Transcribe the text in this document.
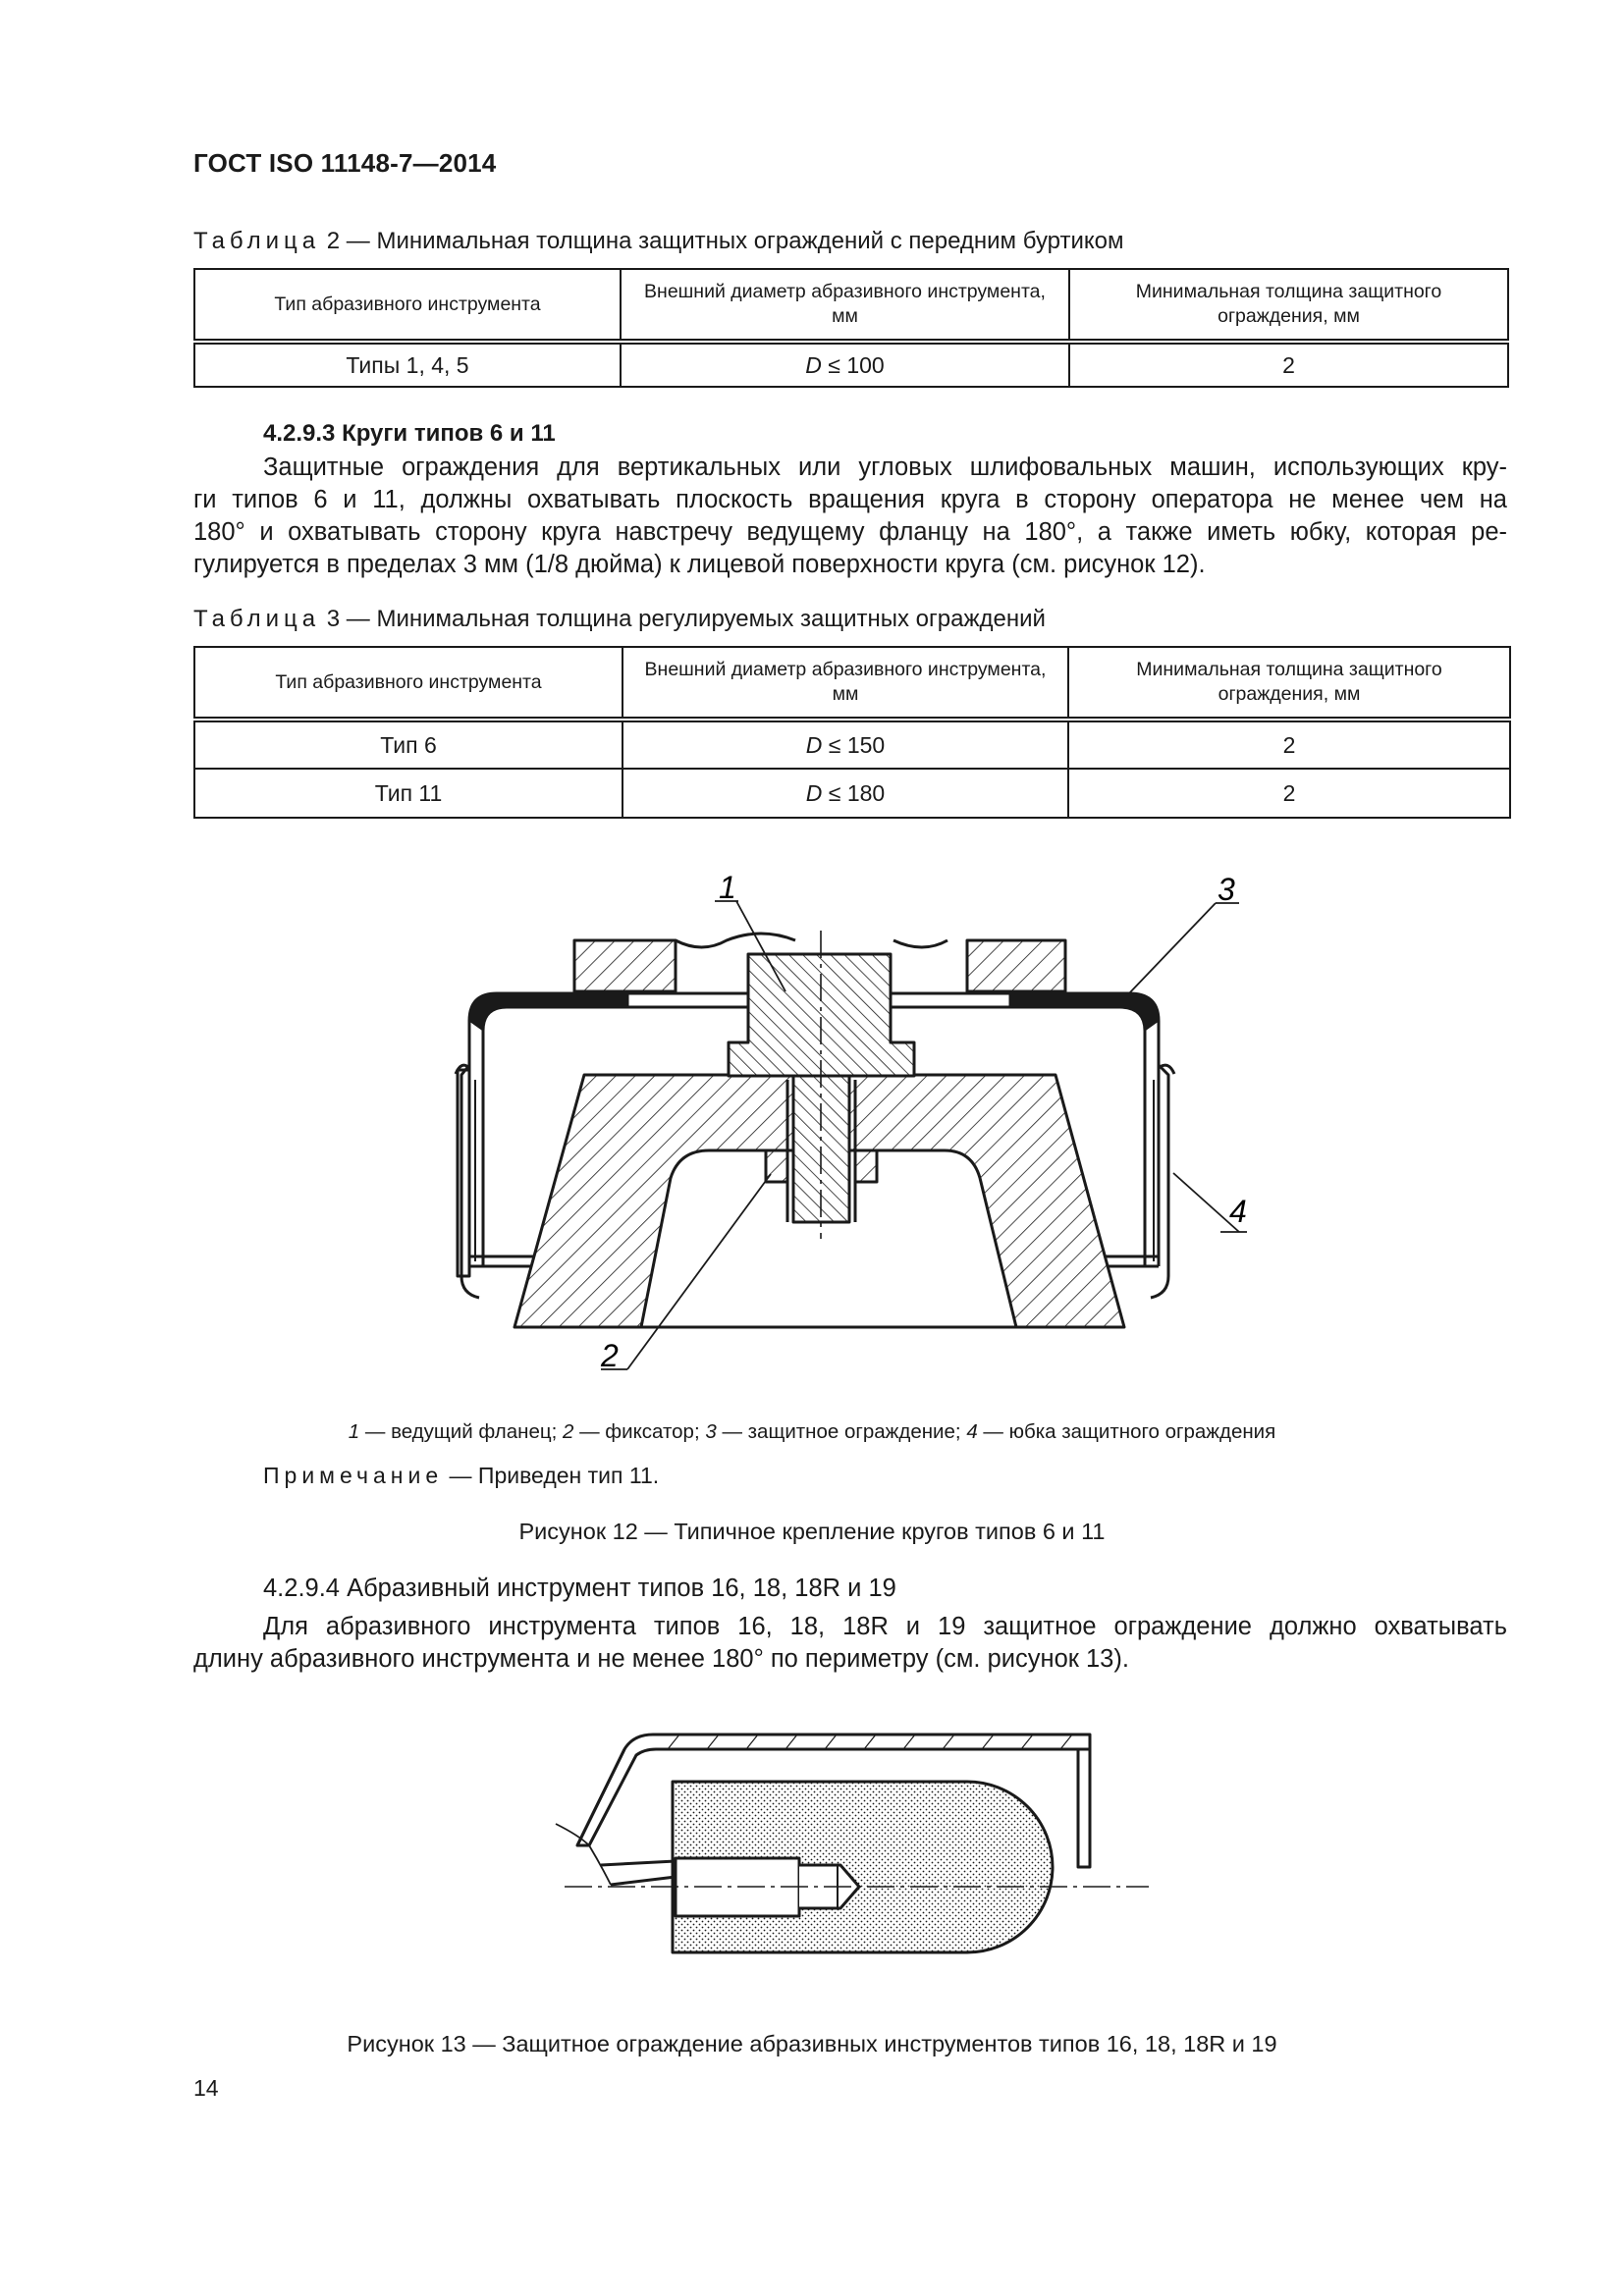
ГОСТ ISO 11148-7—2014
Таблица 2 — Минимальная толщина защитных ограждений с передним буртиком
Тип абразивного инструмента	Внешний диаметр абразивного инструмента, мм	Минимальная толщина защитного ограждения, мм
Типы 1, 4, 5	D ≤ 100	2
4.2.9.3 Круги типов 6 и 11
Защитные ограждения для вертикальных или угловых шлифовальных машин, использующих кру-
ги типов 6 и 11, должны охватывать плоскость вращения круга в сторону оператора не менее чем на
180° и охватывать сторону круга навстречу ведущему фланцу на 180°, а также иметь юбку, которая ре-
гулируется в пределах 3 мм (1/8 дюйма) к лицевой поверхности круга (см. рисунок 12).
Таблица 3 — Минимальная толщина регулируемых защитных ограждений
Тип абразивного инструмента	Внешний диаметр абразивного инструмента, мм	Минимальная толщина защитного ограждения, мм
Тип 6	D ≤ 150	2
Тип 11	D ≤ 180	2
1	3
4
2
1 — ведущий фланец; 2 — фиксатор; 3 — защитное ограждение; 4 — юбка защитного ограждения
Примечание — Приведен тип 11.
Рисунок 12 — Типичное крепление кругов типов 6 и 11
4.2.9.4 Абразивный инструмент типов 16, 18, 18R и 19
Для абразивного инструмента типов 16, 18, 18R и 19 защитное ограждение должно охватывать
длину абразивного инструмента и не менее 180° по периметру (см. рисунок 13).
Рисунок 13 — Защитное ограждение абразивных инструментов типов 16, 18, 18R и 19
14
